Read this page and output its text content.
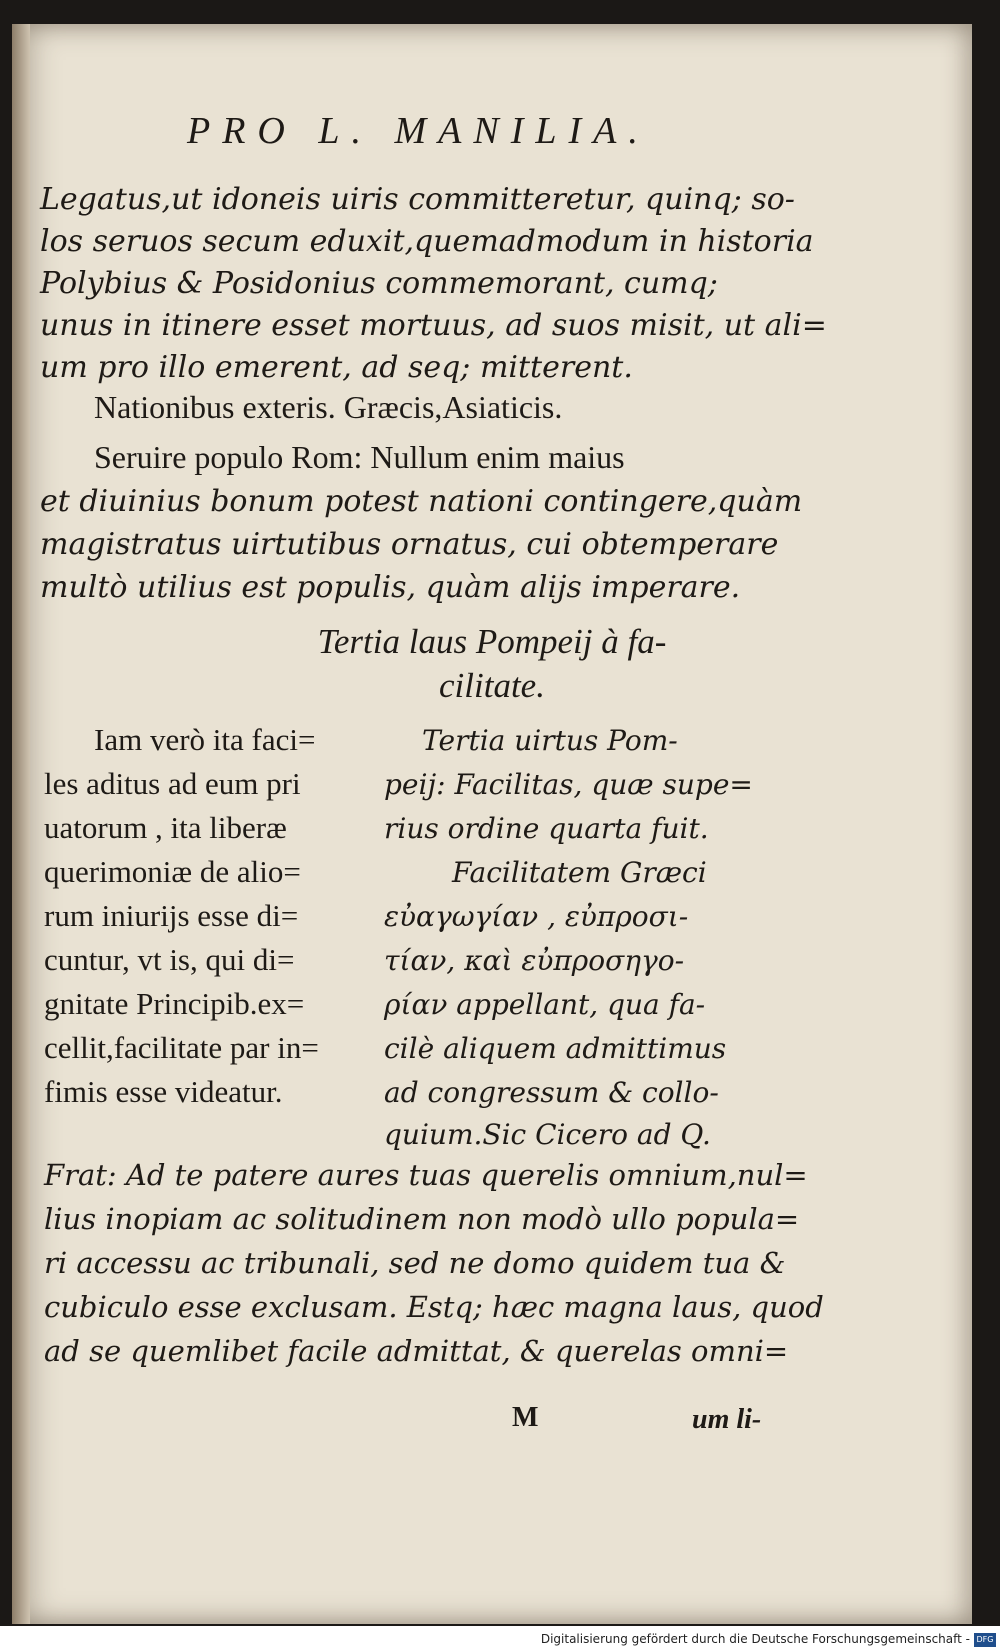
PRO L. MANILIA.
Legatus,ut idoneis uiris committeretur, quinq; so-
los seruos secum eduxit,quemadmodum in historia
Polybius & Posidonius commemorant, cumq;
unus in itinere esset mortuus, ad suos misit, ut ali=
um pro illo emerent, ad seq; mitterent.
Nationibus exteris. Græcis,Asiaticis.
Seruire populo Rom: Nullum enim maius
et diuinius bonum potest nationi contingere,quàm
magistratus uirtutibus ornatus, cui obtemperare
multò utilius est populis, quàm alijs imperare.
Tertia laus Pompeij à fa-
cilitate.
Iam verò ita faci=
les aditus ad eum pri
uatorum , ita liberæ
querimoniæ de alio=
rum iniurijs esse di=
cuntur, vt is, qui di=
gnitate Principib.ex=
cellit,facilitate par in=
fimis esse videatur.
Tertia uirtus Pom-
peij: Facilitas, quæ supe=
rius ordine quarta fuit.
Facilitatem Græci
εὐαγωγίαν , εὐπροσι-
τίαν, καὶ εὐπροσηγο-
ρίαν appellant, qua fa-
cilè aliquem admittimus
ad congressum & collo-
quium.Sic Cicero ad Q.
Frat: Ad te patere aures tuas querelis omnium,nul=
lius inopiam ac solitudinem non modò ullo popula=
ri accessu ac tribunali, sed ne domo quidem tua &
cubiculo esse exclusam. Estq; hæc magna laus, quod
ad se quemlibet facile admittat, & querelas omni=
M	um li-
Digitalisierung gefördert durch die Deutsche Forschungsgemeinschaft - DFG
